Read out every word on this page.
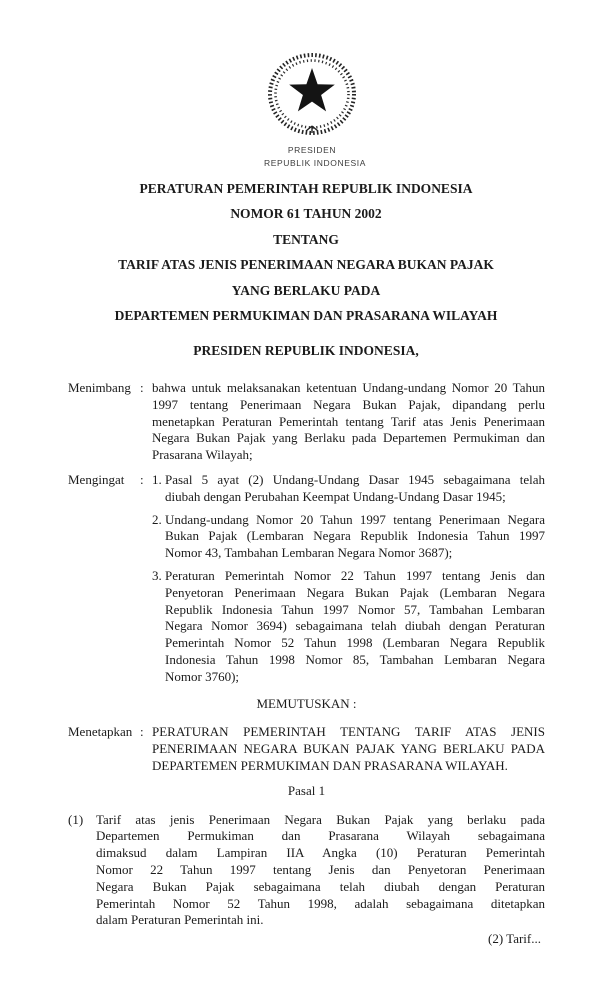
PRESIDEN
REPUBLIK INDONESIA
PERATURAN PEMERINTAH REPUBLIK INDONESIA
NOMOR 61 TAHUN 2002
TENTANG
TARIF ATAS JENIS PENERIMAAN NEGARA BUKAN PAJAK
YANG BERLAKU PADA
DEPARTEMEN PERMUKIMAN DAN PRASARANA WILAYAH
PRESIDEN REPUBLIK INDONESIA,
Menimbang : bahwa untuk melaksanakan ketentuan Undang-undang Nomor 20 Tahun
1997 tentang Penerimaan Negara Bukan Pajak, dipandang perlu
menetapkan Peraturan Pemerintah tentang Tarif atas Jenis Penerimaan
Negara Bukan Pajak yang Berlaku pada Departemen Permukiman dan
Prasarana Wilayah;
Mengingat	: 1. Pasal 5 ayat (2) Undang-Undang Dasar 1945 sebagaimana telah
diubah dengan Perubahan Keempat Undang-Undang Dasar 1945;
2. Undang-undang Nomor 20 Tahun 1997 tentang Penerimaan Negara
Bukan Pajak (Lembaran Negara Republik Indonesia Tahun 1997
Nomor 43, Tambahan Lembaran Negara Nomor 3687);
3. Peraturan Pemerintah Nomor 22 Tahun 1997 tentang Jenis dan
Penyetoran Penerimaan Negara Bukan Pajak (Lembaran Negara
Republik Indonesia Tahun 1997 Nomor 57, Tambahan Lembaran
Negara Nomor 3694) sebagaimana telah diubah dengan Peraturan
Pemerintah Nomor 52 Tahun 1998 (Lembaran Negara Republik
Indonesia Tahun 1998 Nomor 85, Tambahan Lembaran Negara
Nomor 3760);
MEMUTUSKAN :
Menetapkan : PERATURAN PEMERINTAH TENTANG TARIF ATAS JENIS
PENERIMAAN NEGARA BUKAN PAJAK YANG BERLAKU PADA
DEPARTEMEN PERMUKIMAN DAN PRASARANA WILAYAH.
Pasal 1
(1) Tarif atas jenis Penerimaan Negara Bukan Pajak yang berlaku pada
Departemen Permukiman dan Prasarana Wilayah sebagaimana
dimaksud dalam Lampiran IIA Angka (10) Peraturan Pemerintah
Nomor 22 Tahun 1997 tentang Jenis dan Penyetoran Penerimaan
Negara Bukan Pajak sebagaimana telah diubah dengan Peraturan
Pemerintah Nomor 52 Tahun 1998, adalah sebagaimana ditetapkan
dalam Peraturan Pemerintah ini.
(2) Tarif...
